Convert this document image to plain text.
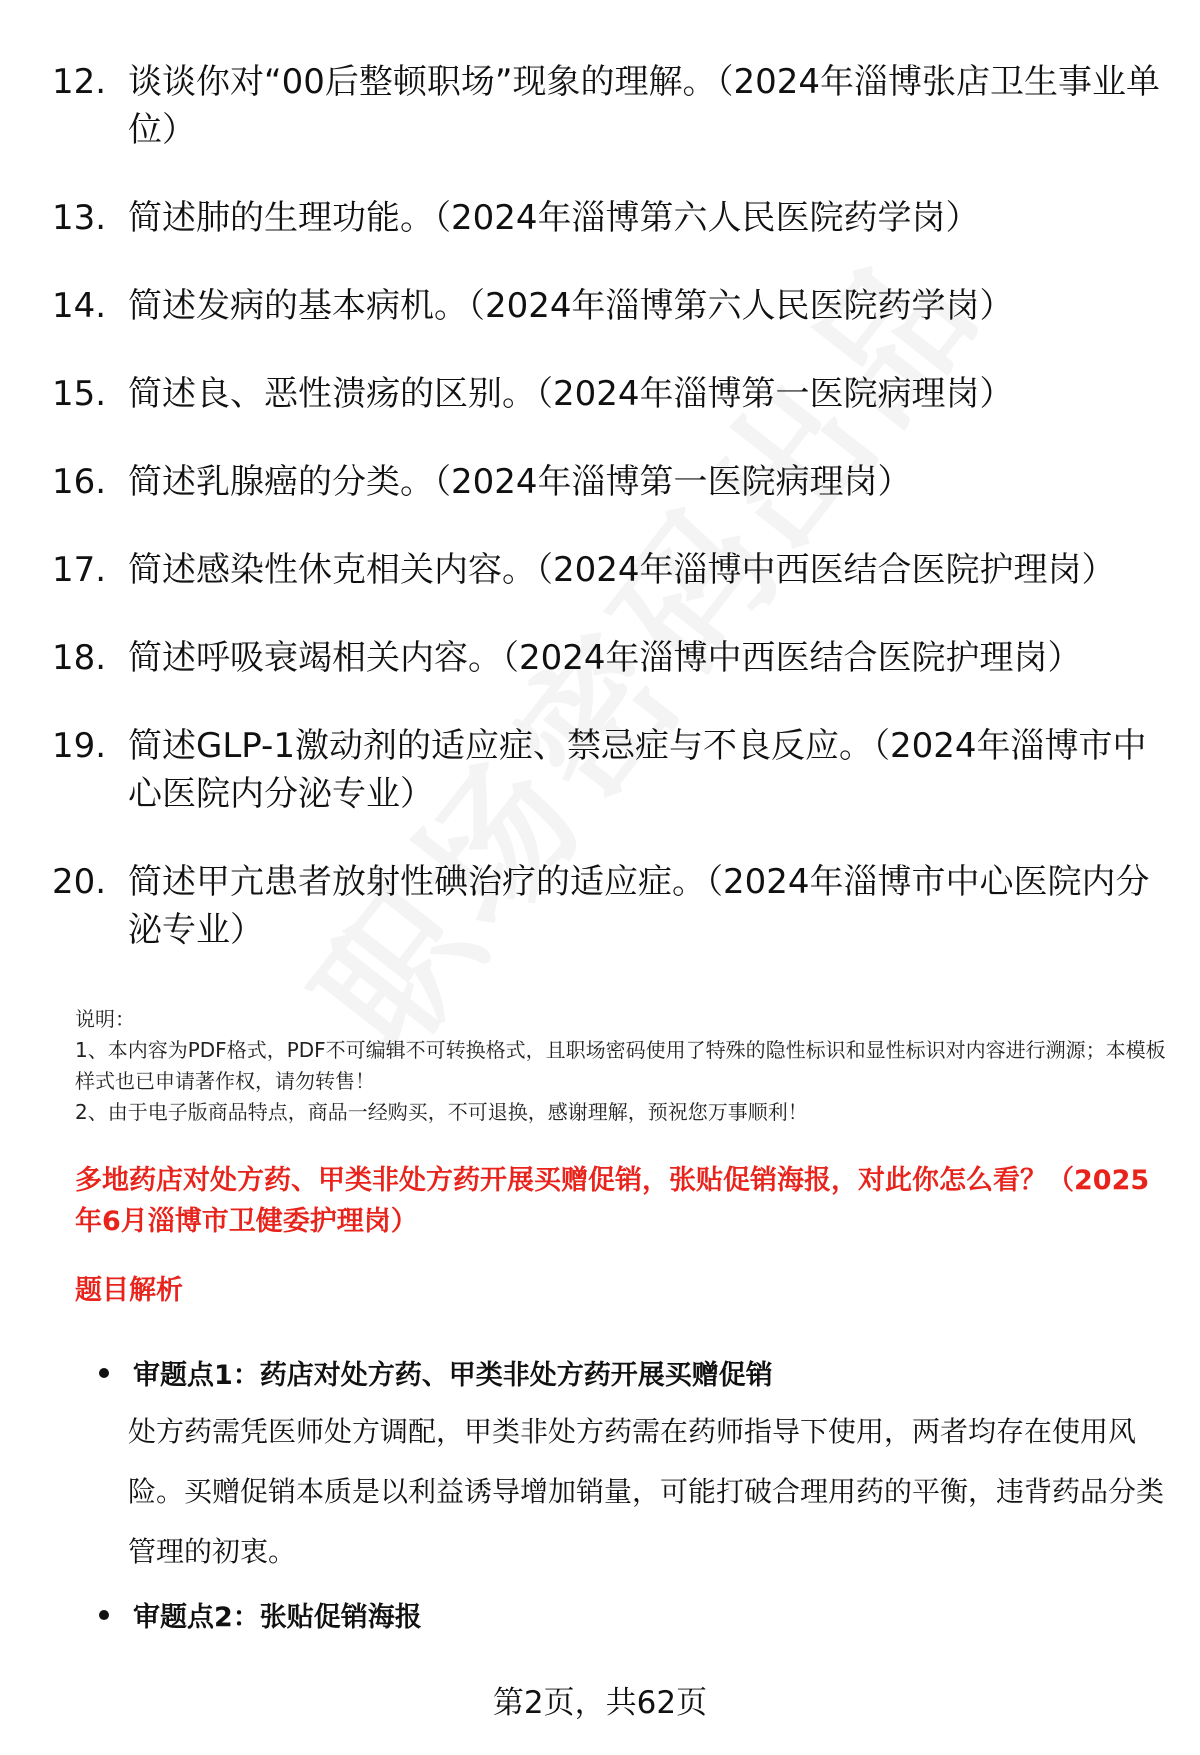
12. 谈谈你对“00后整顿职场”现象的理解。（2024年淄博张店卫生事业单位）
13. 简述肺的生理功能。（2024年淄博第六人民医院药学岗）
14. 简述发病的基本病机。（2024年淄博第六人民医院药学岗）
15. 简述良、恶性溃疡的区别。（2024年淄博第一医院病理岗）
16. 简述乳腺癌的分类。（2024年淄博第一医院病理岗）
17. 简述感染性休克相关内容。（2024年淄博中西医结合医院护理岗）
18. 简述呼吸衰竭相关内容。（2024年淄博中西医结合医院护理岗）
19. 简述GLP-1激动剂的适应症、禁忌症与不良反应。（2024年淄博市中心医院内分泌专业）
20. 简述甲亢患者放射性碘治疗的适应症。（2024年淄博市中心医院内分泌专业）
说明：
1、本内容为PDF格式，PDF不可编辑不可转换格式，且职场密码使用了特殊的隐性标识和显性标识对内容进行溯源；本模板样式也已申请著作权，请勿转售！
2、由于电子版商品特点，商品一经购买，不可退换，感谢理解，预祝您万事顺利！
多地药店对处方药、甲类非处方药开展买赠促销，张贴促销海报，对此你怎么看？（2025年6月淄博市卫健委护理岗）
题目解析
审题点1：药店对处方药、甲类非处方药开展买赠促销
处方药需凭医师处方调配，甲类非处方药需在药师指导下使用，两者均存在使用风险。买赠促销本质是以利益诱导增加销量，可能打破合理用药的平衡，违背药品分类管理的初衷。
审题点2：张贴促销海报
第2页，共62页
